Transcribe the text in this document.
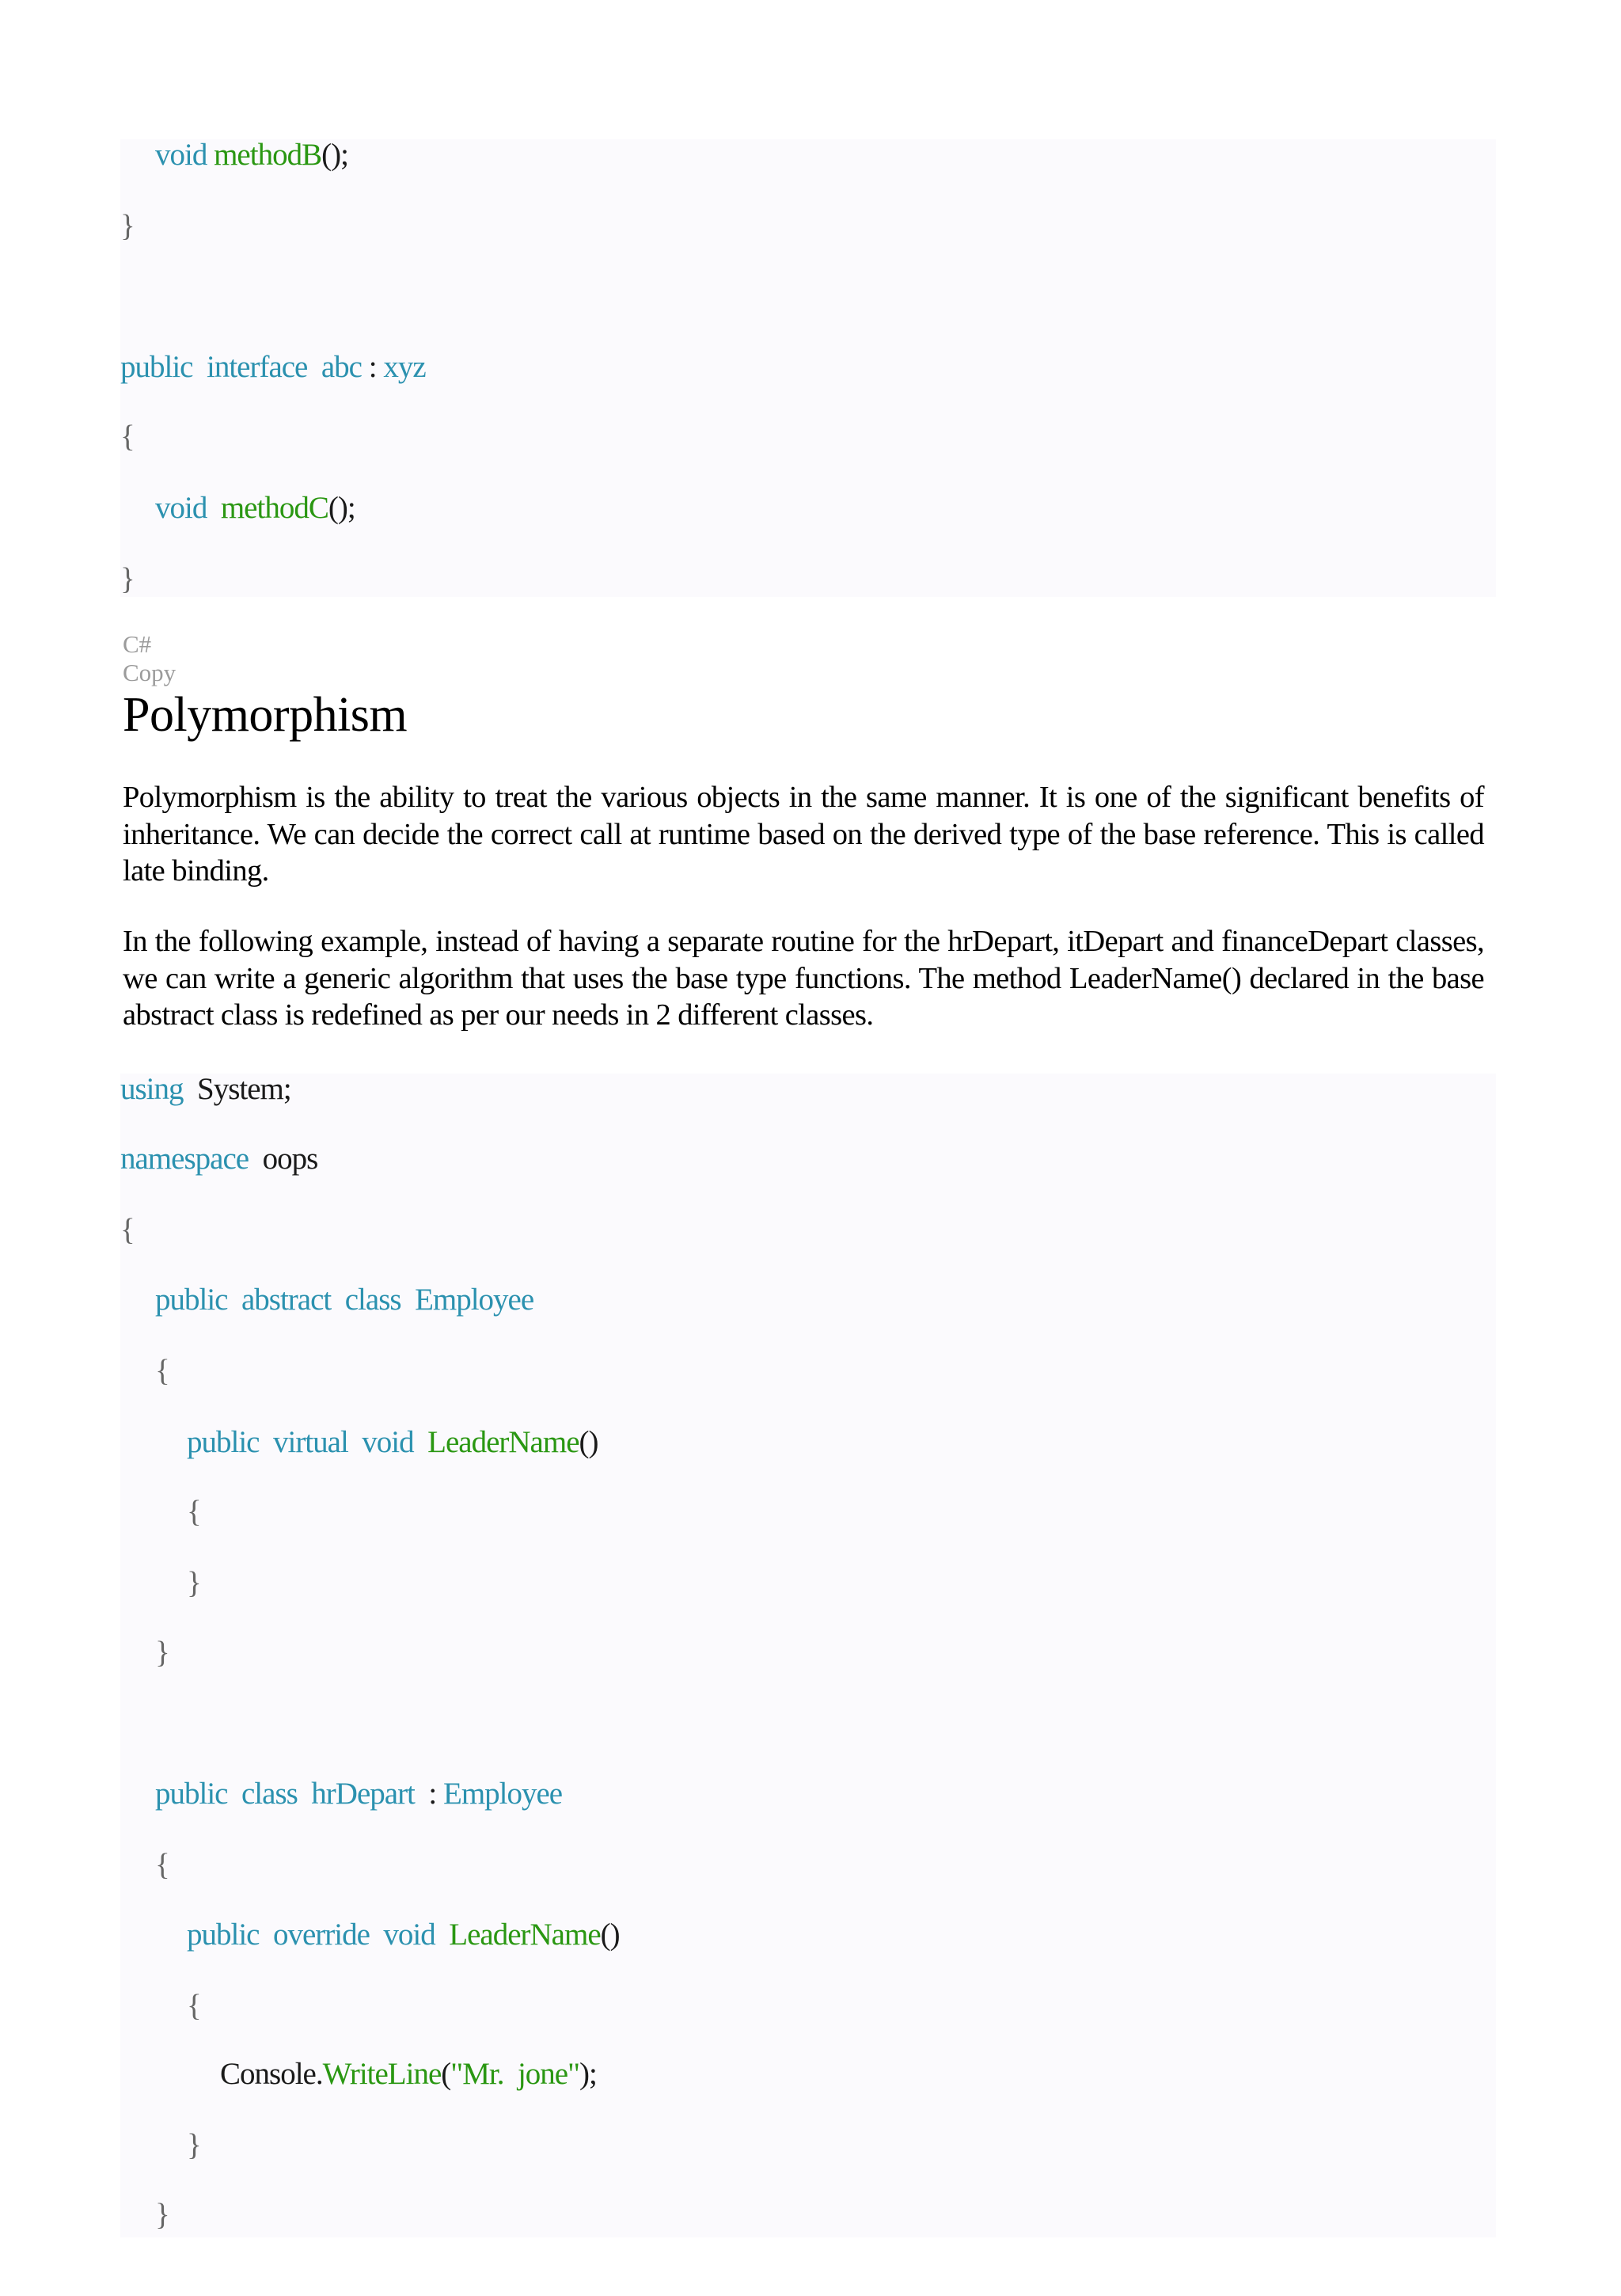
void methodB();
}
public interface abc : xyz
{
void methodC();
}
C#
Copy
Polymorphism

Polymorphism is the ability to treat the various objects in the same manner. It is one of the significant benefits of inheritance. We can decide the correct call at runtime based on the derived type of the base reference. This is called late binding.

In the following example, instead of having a separate routine for the hrDepart, itDepart and financeDepart classes, we can write a generic algorithm that uses the base type functions. The method LeaderName() declared in the base abstract class is redefined as per our needs in 2 different classes.

using System;
namespace oops
{
public abstract class Employee
{
public virtual void LeaderName()
{
}
}
public class hrDepart  : Employee
{
public override void LeaderName()
{
Console.WriteLine("Mr.  jone");
}
}
